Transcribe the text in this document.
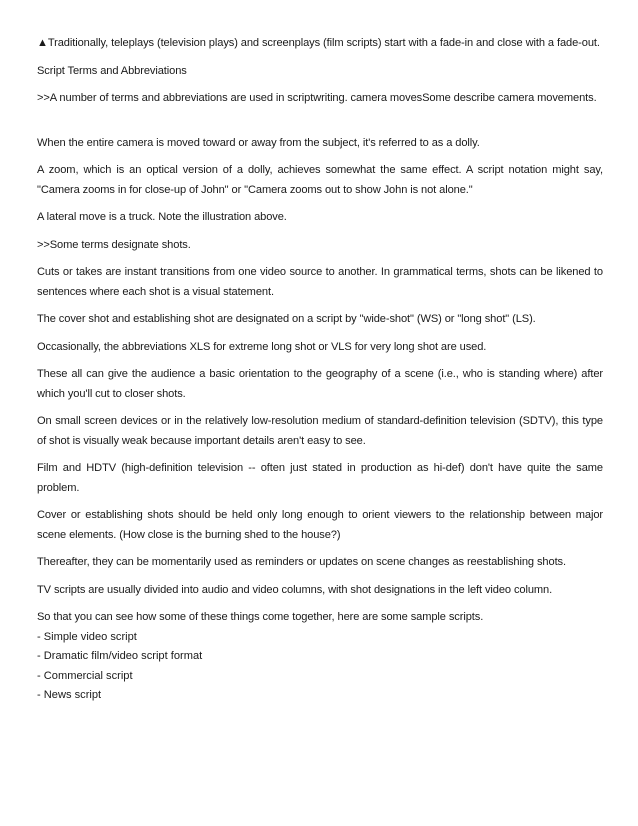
▲Traditionally, teleplays (television plays) and screenplays (film scripts) start with a fade-in and close with a fade-out.

Script Terms and Abbreviations

>>A number of terms and abbreviations are used in scriptwriting. camera movesSome describe camera movements.

When the entire camera is moved toward or away from the subject, it's referred to as a dolly.

A zoom, which is an optical version of a dolly, achieves somewhat the same effect. A script notation might say, "Camera zooms in for close-up of John" or "Camera zooms out to show John is not alone."

A lateral move is a truck. Note the illustration above.

>>Some terms designate shots.

Cuts or takes are instant transitions from one video source to another. In grammatical terms, shots can be likened to sentences where each shot is a visual statement.

The cover shot and establishing shot are designated on a script by "wide-shot" (WS) or "long shot" (LS).

Occasionally, the abbreviations XLS for extreme long shot or VLS for very long shot are used.

These all can give the audience a basic orientation to the geography of a scene (i.e., who is standing where) after which you'll cut to closer shots.

On small screen devices or in the relatively low-resolution medium of standard-definition television (SDTV), this type of shot is visually weak because important details aren't easy to see.

Film and HDTV (high-definition television -- often just stated in production as hi-def) don't have quite the same problem.

Cover or establishing shots should be held only long enough to orient viewers to the relationship between major scene elements. (How close is the burning shed to the house?)

Thereafter, they can be momentarily used as reminders or updates on scene changes as reestablishing shots.

TV scripts are usually divided into audio and video columns, with shot designations in the left video column.

So that you can see how some of these things come together, here are some sample scripts.

- Simple video script

- Dramatic film/video script format

- Commercial script

- News script
